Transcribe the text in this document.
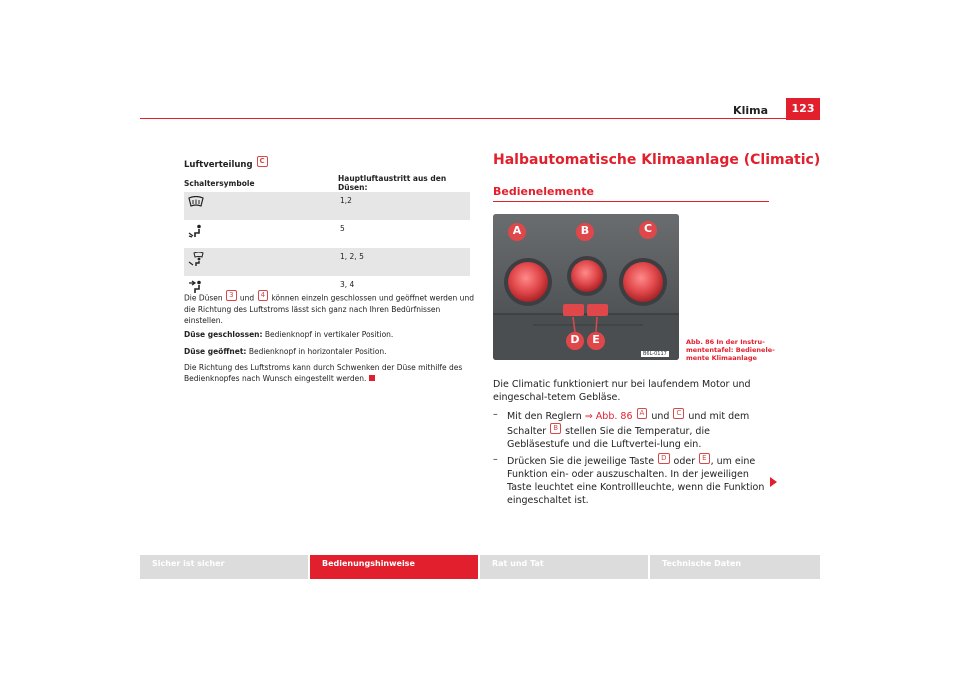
Klima	123
Luftverteilung C
Schaltersymbole	Hauptluftaustritt aus den Düsen:
	1,2
	5
	1, 2, 5
	3, 4
Die Düsen 3 und 4 können einzeln geschlossen und geöffnet werden und die Richtung des Luftstroms lässt sich ganz nach Ihren Bedürfnissen einstellen.
Düse geschlossen: Bedienknopf in vertikaler Position.
Düse geöffnet: Bedienknopf in horizontaler Position.
Die Richtung des Luftstroms kann durch Schwenken der Düse mithilfe des Bedienknopfes nach Wunsch eingestellt werden.
Halbautomatische Klimaanlage (Climatic)
Bedienelemente
A	B	C
D E
B6L-0117
Abb. 86 In der Instru-mententafel: Bedienele-mente Klimaanlage
Die Climatic funktioniert nur bei laufendem Motor und eingeschal-tetem Gebläse.
– Mit den Reglern ⇒ Abb. 86 A und C und mit dem Schalter B stellen Sie die Temperatur, die Gebläsestufe und die Luftvertei-lung ein.
– Drücken Sie die jeweilige Taste D oder E , um eine Funktion ein- oder auszuschalten. In der jeweiligen Taste leuchtet eine Kontrollleuchte, wenn die Funktion eingeschaltet ist.
Sicher ist sicher	Bedienungshinweise	Rat und Tat	Technische Daten
